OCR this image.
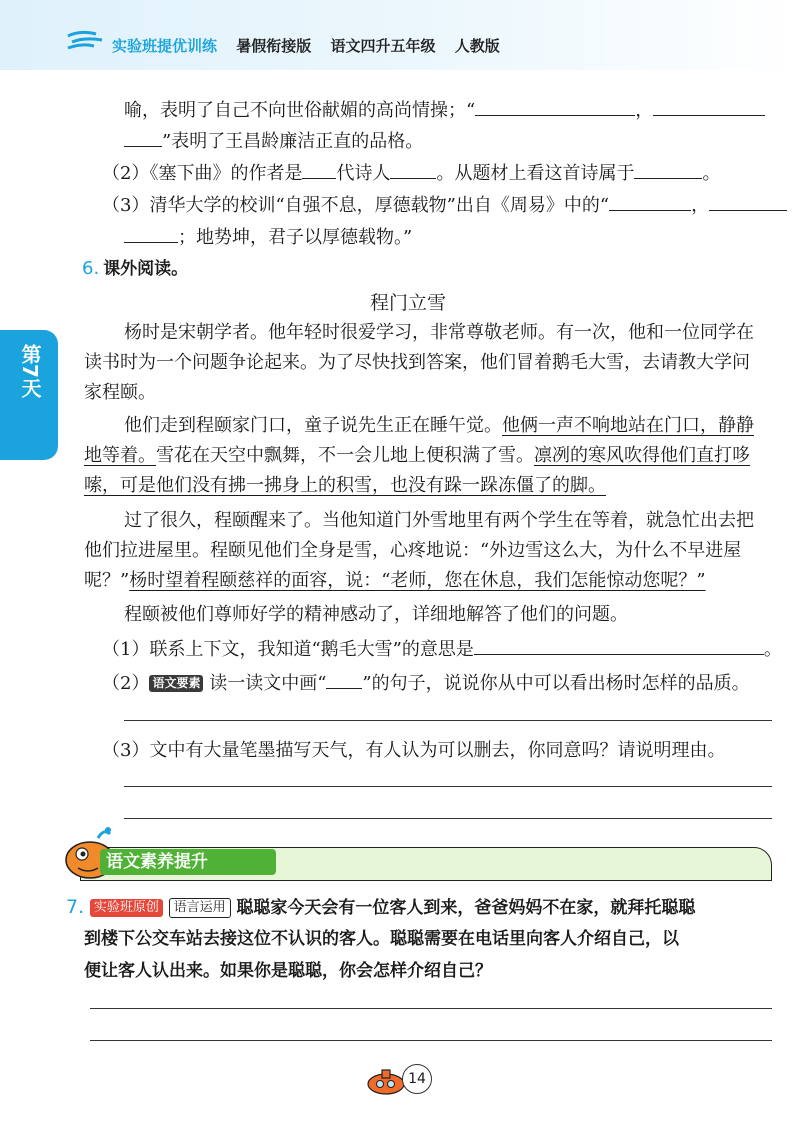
实验班提优训练 暑假衔接版 语文四升五年级 人教版
第7天
喻，表明了自己不向世俗献媚的高尚情操；“	，
”表明了王昌龄廉洁正直的品格。
（2）《塞下曲》的作者是 代诗人	。从题材上看这首诗属于	。
（3）清华大学的校训“自强不息，厚德载物”出自《周易》中的“	，
；地势坤，君子以厚德载物。”
6. 课外阅读。
程门立雪
杨时是宋朝学者。他年轻时很爱学习，非常尊敬老师。有一次，他和一位同学在
读书时为一个问题争论起来。为了尽快找到答案，他们冒着鹅毛大雪，去请教大学问
家程颐。
他们走到程颐家门口，童子说先生正在睡午觉。他俩一声不响地站在门口，静静
地等着。雪花在天空中飘舞，不一会儿地上便积满了雪。凛冽的寒风吹得他们直打哆
嗦，可是他们没有拂一拂身上的积雪，也没有跺一跺冻僵了的脚。
过了很久，程颐醒来了。当他知道门外雪地里有两个学生在等着，就急忙出去把
他们拉进屋里。程颐见他们全身是雪，心疼地说：“外边雪这么大，为什么不早进屋
呢？”杨时望着程颐慈祥的面容，说：“老师，您在休息，我们怎能惊动您呢？”
程颐被他们尊师好学的精神感动了，详细地解答了他们的问题。
（1）联系上下文，我知道“鹅毛大雪”的意思是	。
（2） 语文要素 读一读文中画“ ”的句子，说说你从中可以看出杨时怎样的品质。
（3）文中有大量笔墨描写天气，有人认为可以删去，你同意吗？请说明理由。
语文素养提升
7. 实验班原创 语言运用 聪聪家今天会有一位客人到来，爸爸妈妈不在家，就拜托聪聪
到楼下公交车站去接这位不认识的客人。聪聪需要在电话里向客人介绍自己，以
便让客人认出来。如果你是聪聪，你会怎样介绍自己？
14
